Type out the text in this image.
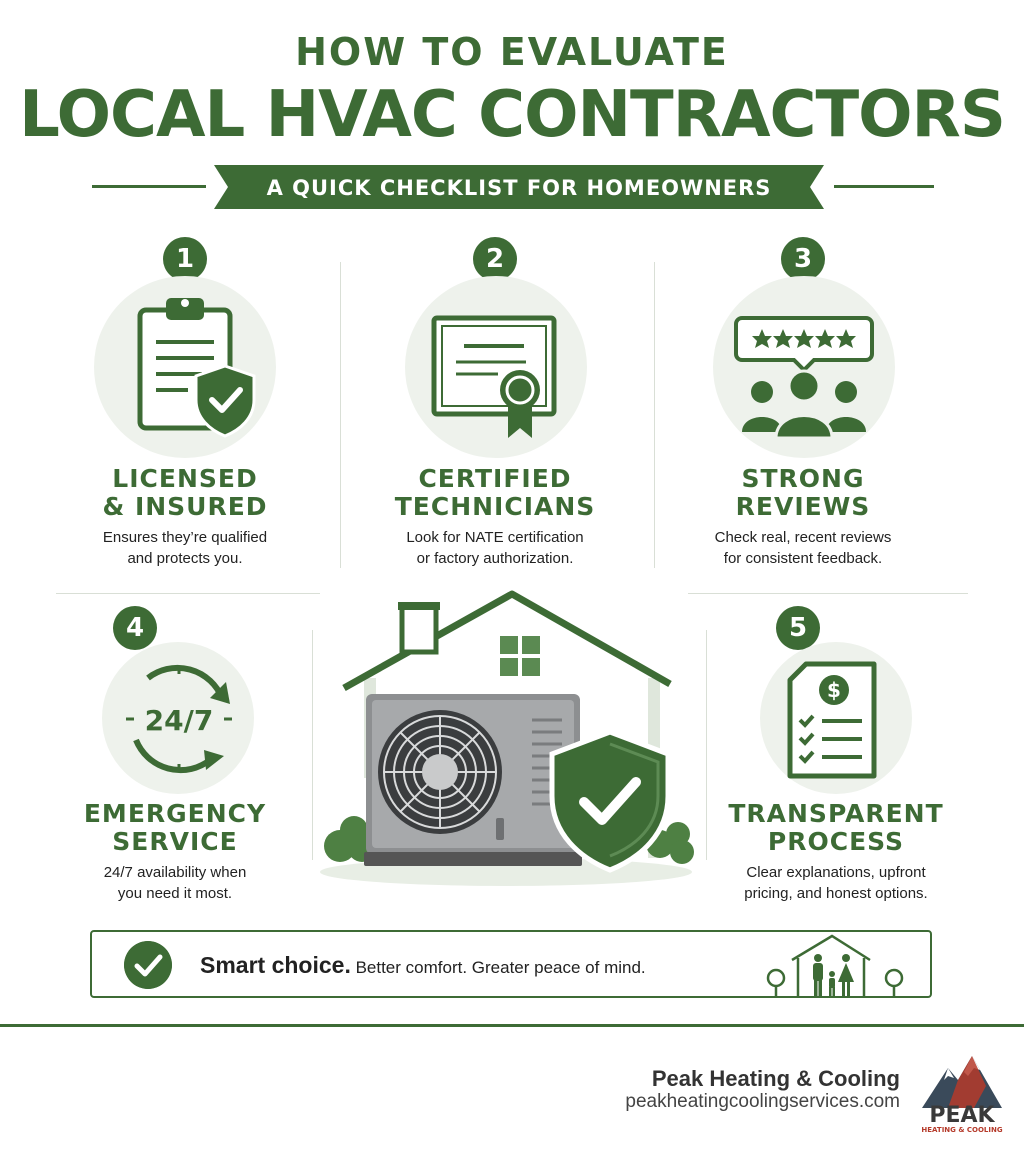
HOW TO EVALUATE
LOCAL HVAC CONTRACTORS
A QUICK CHECKLIST FOR HOMEOWNERS
1
LICENSED
& INSURED
Ensures they’re qualified
and protects you.
2
CERTIFIED
TECHNICIANS
Look for NATE certification
or factory authorization.
3
STRONG
REVIEWS
Check real, recent reviews
for consistent feedback.
4
24/7
EMERGENCY
SERVICE
24/7 availability when
you need it most.
5
$
TRANSPARENT
PROCESS
Clear explanations, upfront
pricing, and honest options.
Smart choice. Better comfort. Greater peace of mind.
Peak Heating & Cooling
peakheatingcoolingservices.com
PEAK
HEATING & COOLING
